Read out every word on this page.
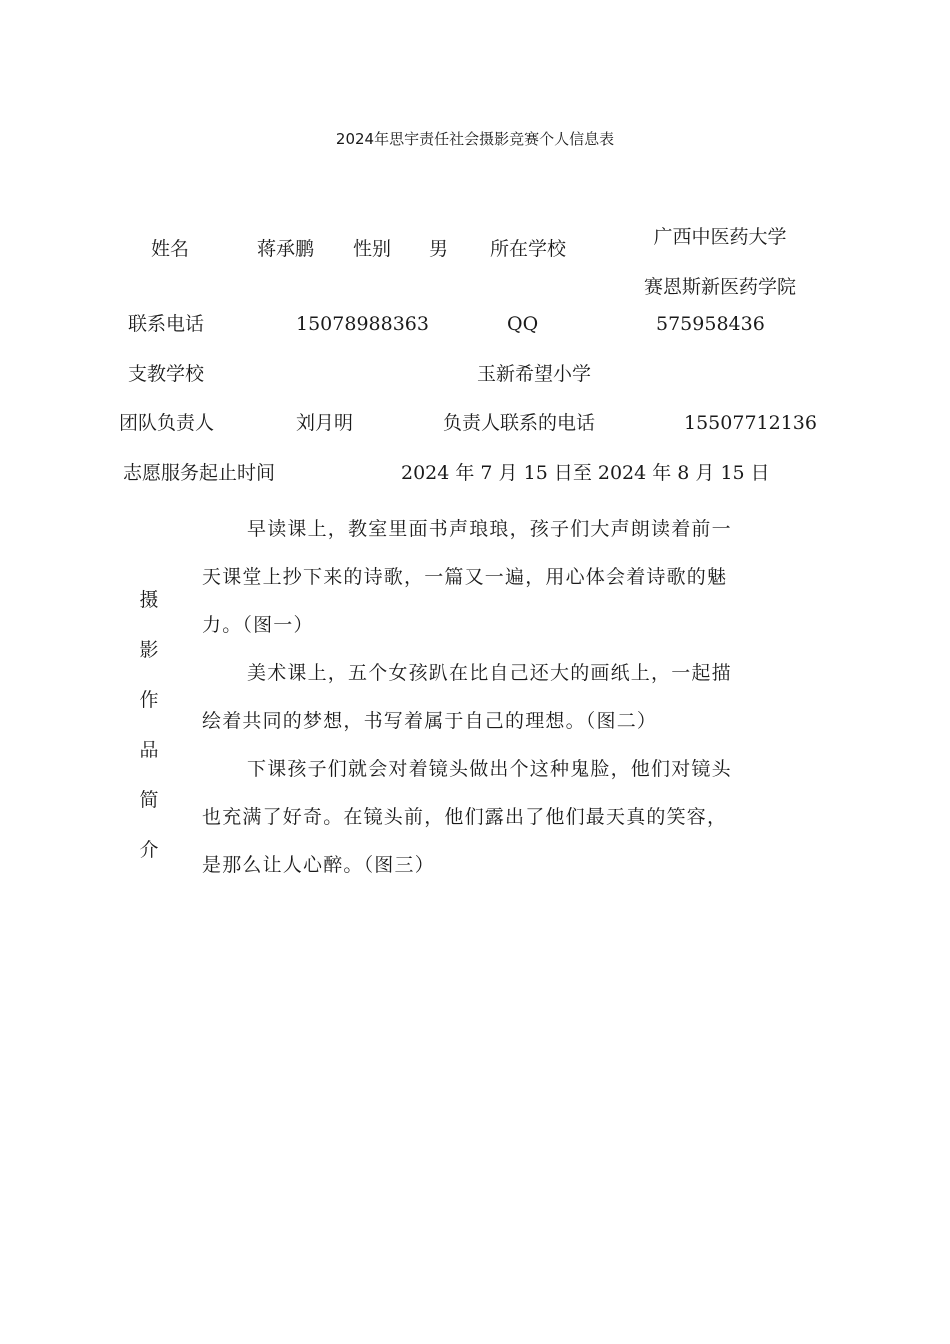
2024年思宇责任社会摄影竞赛个人信息表
姓名	蒋承鹏 性别 男 所在学校
广西中医药大学
赛恩斯新医药学院
联系电话	15078988363	QQ	575958436
支教学校	玉新希望小学
团队负责人	刘月明	负责人联系的电话	15507712136
志愿服务起止时间	2024 年 7 月 15 日至 2024 年 8 月 15 日
摄
影
作
品
简
介

早读课上，教室里面书声琅琅，孩子们大声朗读着前一天课堂上抄下来的诗歌，一篇又一遍，用心体会着诗歌的魅力。（图一）

美术课上，五个女孩趴在比自己还大的画纸上，一起描绘着共同的梦想，书写着属于自己的理想。（图二）

下课孩子们就会对着镜头做出个这种鬼脸，他们对镜头也充满了好奇。在镜头前，他们露出了他们最天真的笑容，是那么让人心醉。（图三）
